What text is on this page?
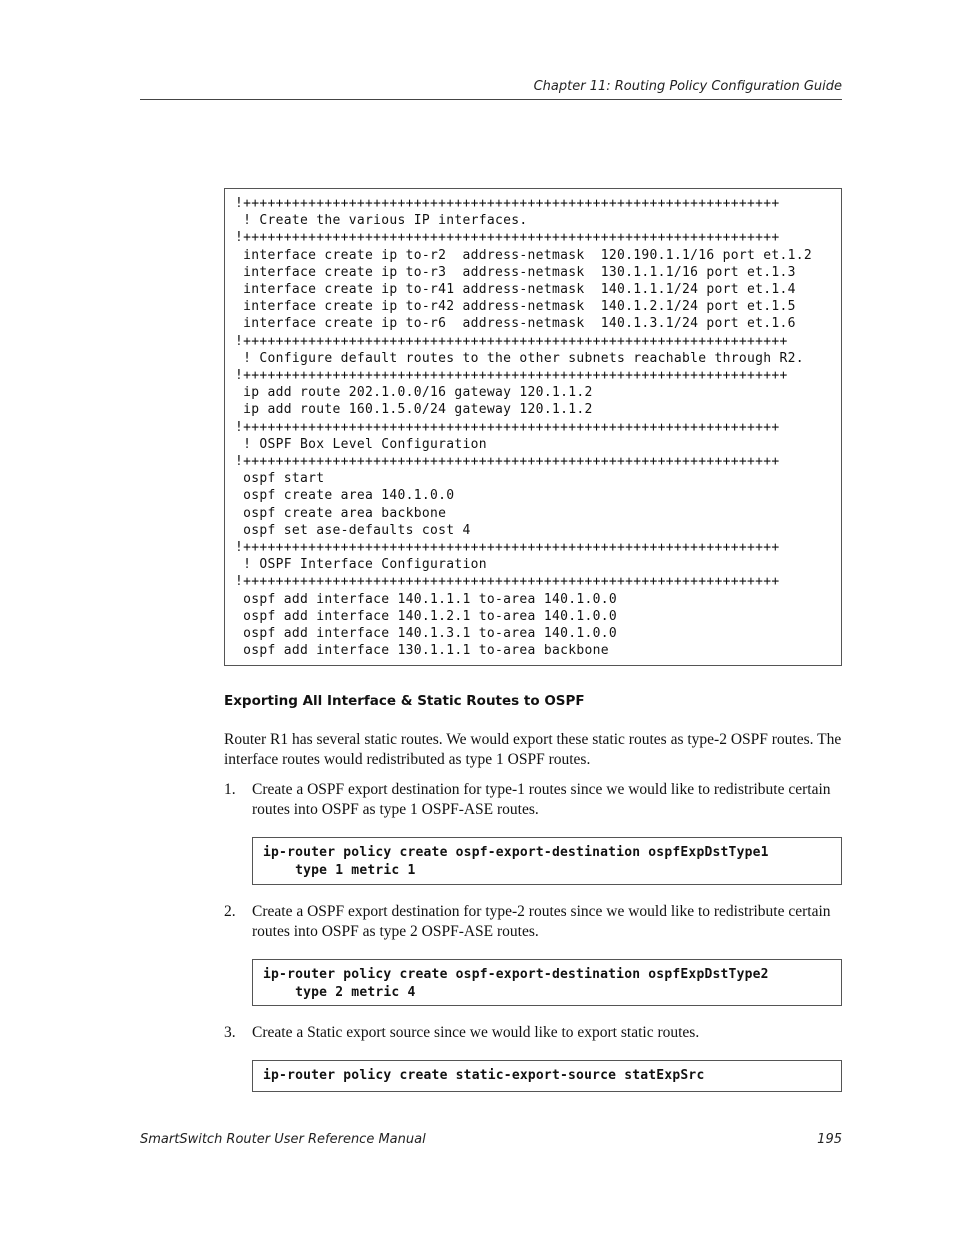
Chapter 11: Routing Policy Configuration Guide
!++++++++++++++++++++++++++++++++++++++++++++++++++++++++++++++++++
! Create the various IP interfaces.
!++++++++++++++++++++++++++++++++++++++++++++++++++++++++++++++++++
interface create ip to-r2  address-netmask  120.190.1.1/16 port et.1.2
interface create ip to-r3  address-netmask  130.1.1.1/16 port et.1.3
interface create ip to-r41 address-netmask  140.1.1.1/24 port et.1.4
interface create ip to-r42 address-netmask  140.1.2.1/24 port et.1.5
interface create ip to-r6  address-netmask  140.1.3.1/24 port et.1.6
!+++++++++++++++++++++++++++++++++++++++++++++++++++++++++++++++++++
! Configure default routes to the other subnets reachable through R2.
!+++++++++++++++++++++++++++++++++++++++++++++++++++++++++++++++++++
ip add route 202.1.0.0/16 gateway 120.1.1.2
ip add route 160.1.5.0/24 gateway 120.1.1.2
!++++++++++++++++++++++++++++++++++++++++++++++++++++++++++++++++++
! OSPF Box Level Configuration
!++++++++++++++++++++++++++++++++++++++++++++++++++++++++++++++++++
ospf start
ospf create area 140.1.0.0
ospf create area backbone
ospf set ase-defaults cost 4
!++++++++++++++++++++++++++++++++++++++++++++++++++++++++++++++++++
! OSPF Interface Configuration
!++++++++++++++++++++++++++++++++++++++++++++++++++++++++++++++++++
ospf add interface 140.1.1.1 to-area 140.1.0.0
ospf add interface 140.1.2.1 to-area 140.1.0.0
ospf add interface 140.1.3.1 to-area 140.1.0.0
ospf add interface 130.1.1.1 to-area backbone
Exporting All Interface & Static Routes to OSPF
Router R1 has several static routes. We would export these static routes as type-2 OSPF routes. The interface routes would redistributed as type 1 OSPF routes.
1. Create a OSPF export destination for type-1 routes since we would like to redistribute certain routes into OSPF as type 1 OSPF-ASE routes.
ip-router policy create ospf-export-destination ospfExpDstType1
type 1 metric 1
2. Create a OSPF export destination for type-2 routes since we would like to redistribute certain routes into OSPF as type 2 OSPF-ASE routes.
ip-router policy create ospf-export-destination ospfExpDstType2
type 2 metric 4
3. Create a Static export source since we would like to export static routes.
ip-router policy create static-export-source statExpSrc
SmartSwitch Router User Reference Manual	195
